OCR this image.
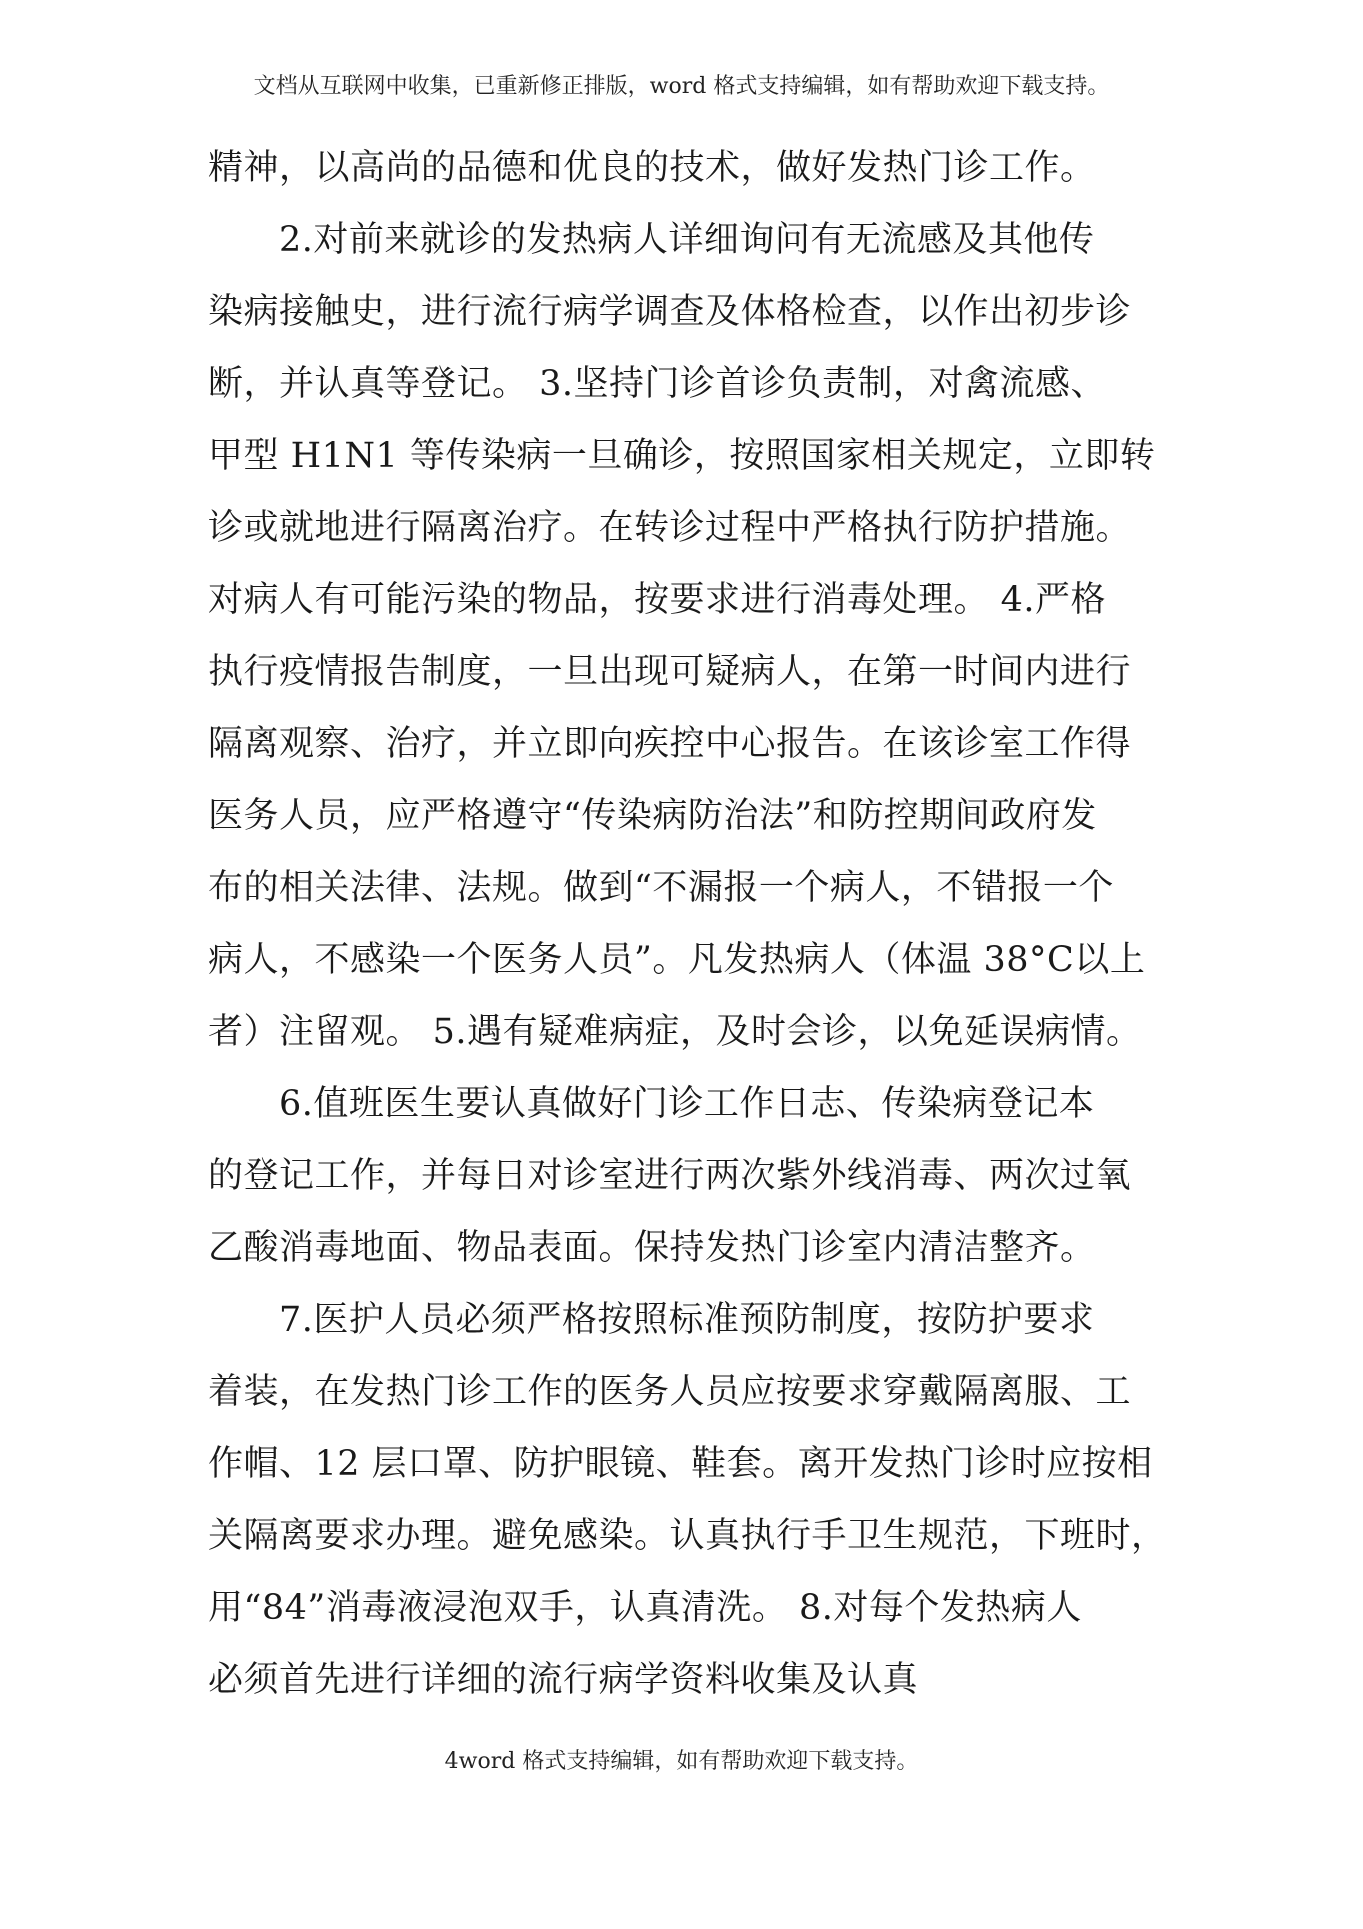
文档从互联网中收集，已重新修正排版，word 格式支持编辑，如有帮助欢迎下载支持。
精神，以高尚的品德和优良的技术，做好发热门诊工作。
　　2.对前来就诊的发热病人详细询问有无流感及其他传
染病接触史，进行流行病学调查及体格检查，以作出初步诊
断，并认真等登记。 3.坚持门诊首诊负责制，对禽流感、
甲型 H1N1 等传染病一旦确诊，按照国家相关规定，立即转
诊或就地进行隔离治疗。在转诊过程中严格执行防护措施。
对病人有可能污染的物品，按要求进行消毒处理。 4.严格
执行疫情报告制度，一旦出现可疑病人，在第一时间内进行
隔离观察、治疗，并立即向疾控中心报告。在该诊室工作得
医务人员，应严格遵守“传染病防治法”和防控期间政府发
布的相关法律、法规。做到“不漏报一个病人，不错报一个
病人，不感染一个医务人员”。凡发热病人（体温 38°C以上
者）注留观。 5.遇有疑难病症，及时会诊，以免延误病情。
　　6.值班医生要认真做好门诊工作日志、传染病登记本
的登记工作，并每日对诊室进行两次紫外线消毒、两次过氧
乙酸消毒地面、物品表面。保持发热门诊室内清洁整齐。
　　7.医护人员必须严格按照标准预防制度，按防护要求
着装，在发热门诊工作的医务人员应按要求穿戴隔离服、工
作帽、12 层口罩、防护眼镜、鞋套。离开发热门诊时应按相
关隔离要求办理。避免感染。认真执行手卫生规范，下班时，
用“84”消毒液浸泡双手，认真清洗。 8.对每个发热病人
必须首先进行详细的流行病学资料收集及认真
4word 格式支持编辑，如有帮助欢迎下载支持。
